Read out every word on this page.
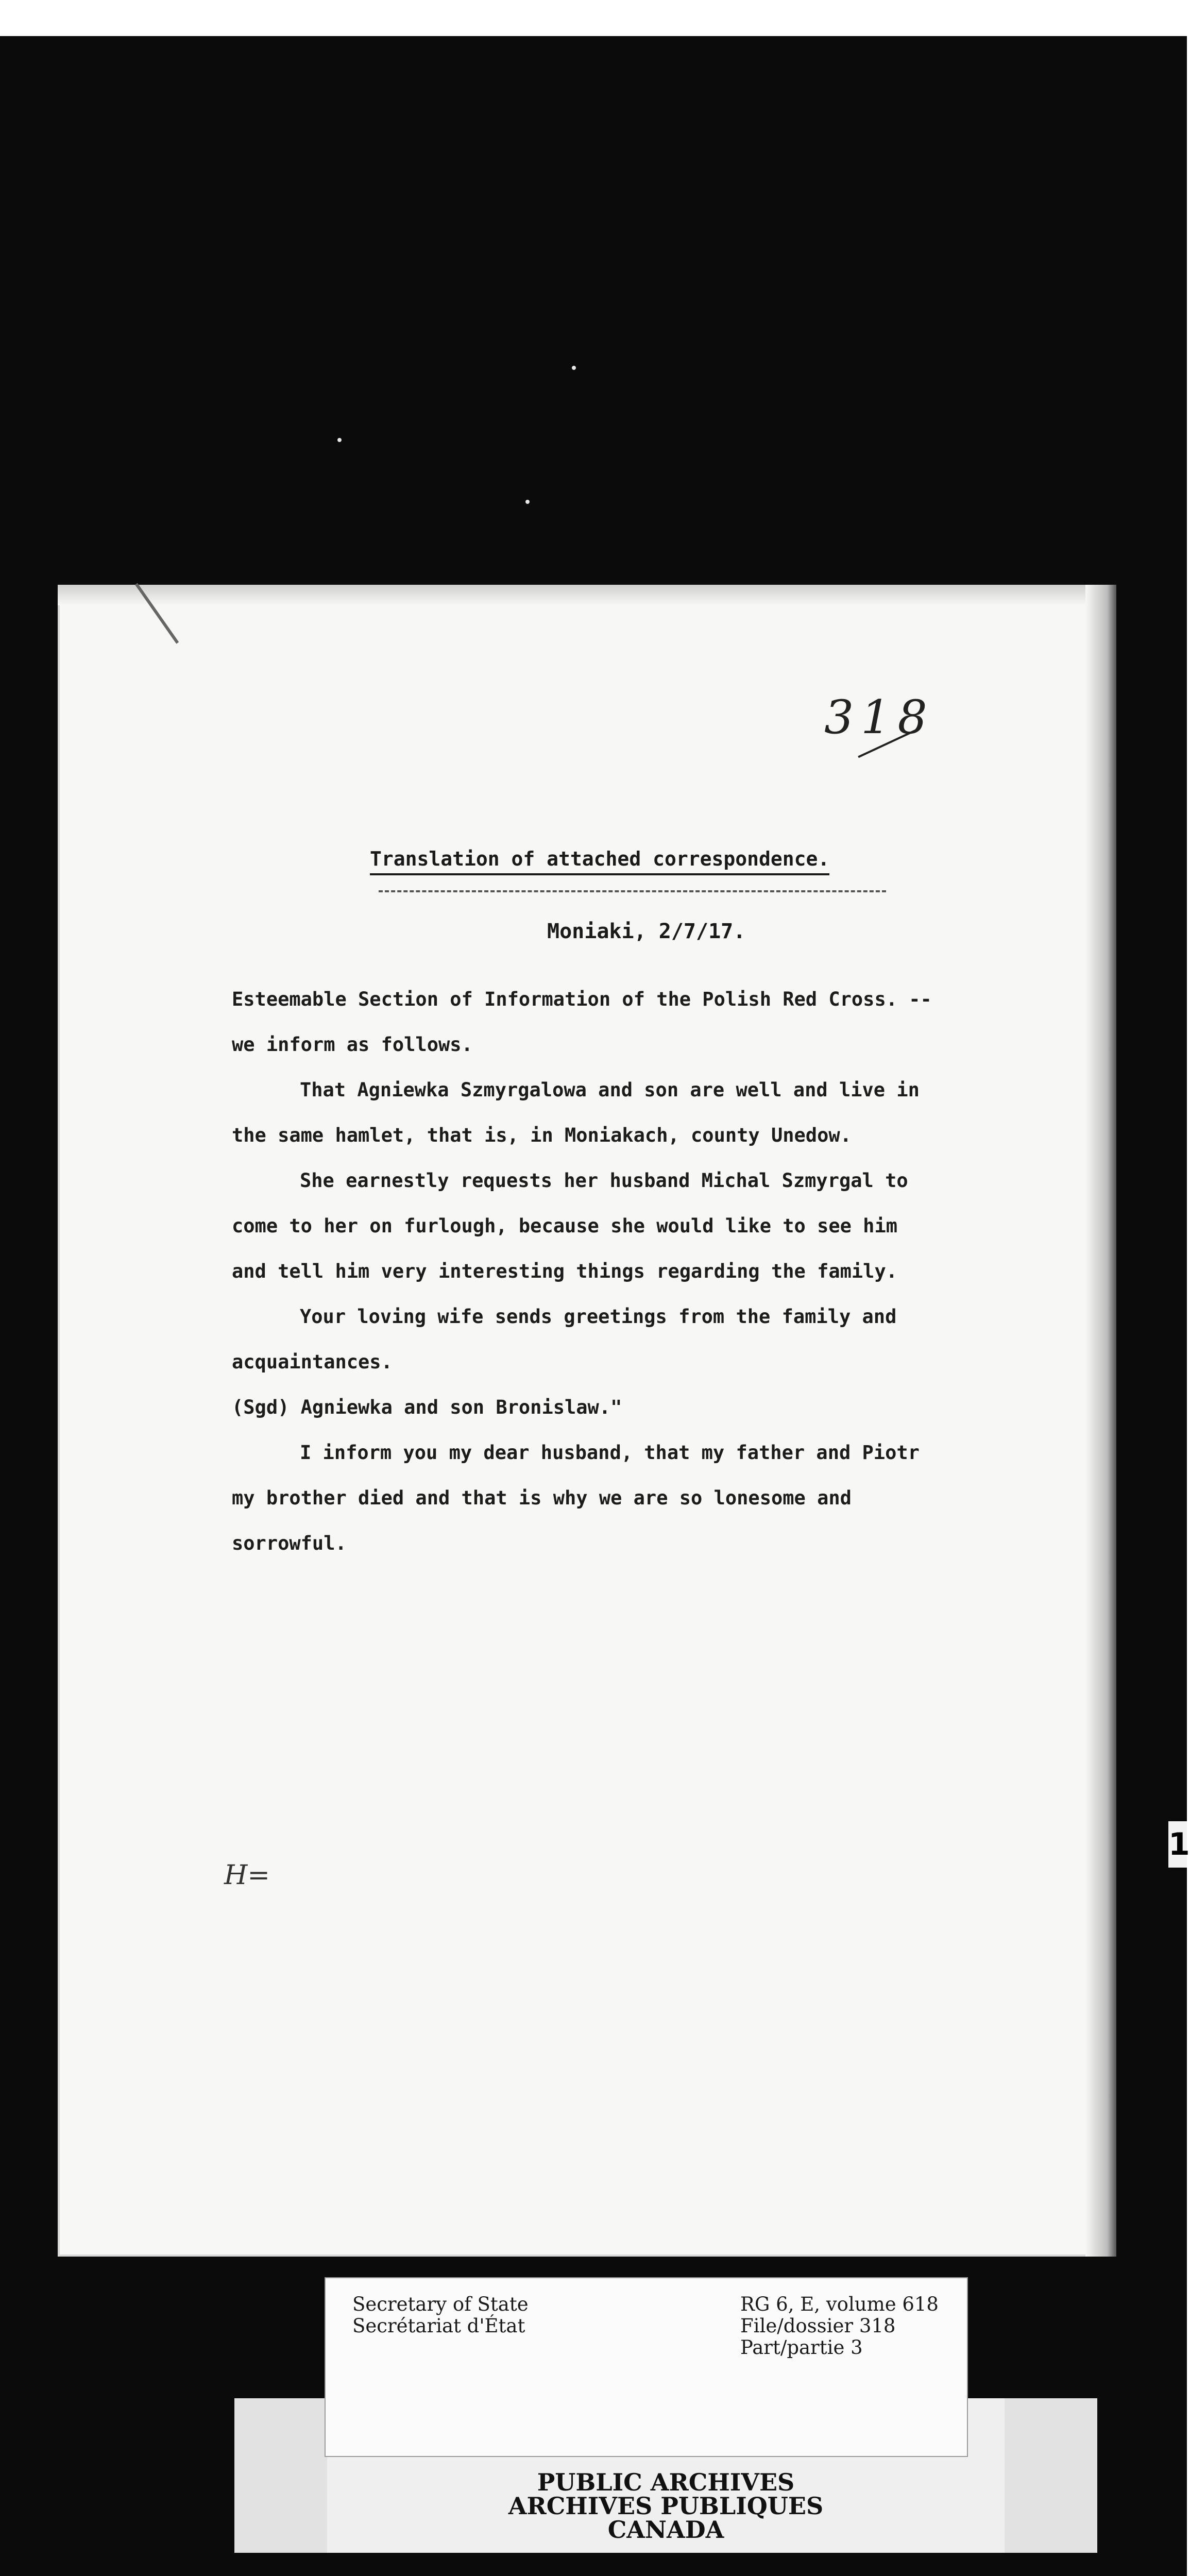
318
Translation of attached correspondence.
Moniaki, 2/7/17.
Esteemable Section of Information of the Polish Red Cross. --
we inform as follows.
That Agniewka Szmyrgalowa and son are well and live in
the same hamlet, that is, in Moniakach, county Unedow.
She earnestly requests her husband Michal Szmyrgal to
come to her on furlough, because she would like to see him
and tell him very interesting things regarding the family.
Your loving wife sends greetings from the family and
acquaintances.
(Sgd) Agniewka and son Bronislaw."
I inform you my dear husband, that my father and Piotr
my brother died and that is why we are so lonesome and
sorrowful.
H=
PUBLIC ARCHIVES
ARCHIVES PUBLIQUES
CANADA
Secretary of State
Secrétariat d'État
RG 6, E, volume 618
File/dossier 318
Part/partie 3
1
